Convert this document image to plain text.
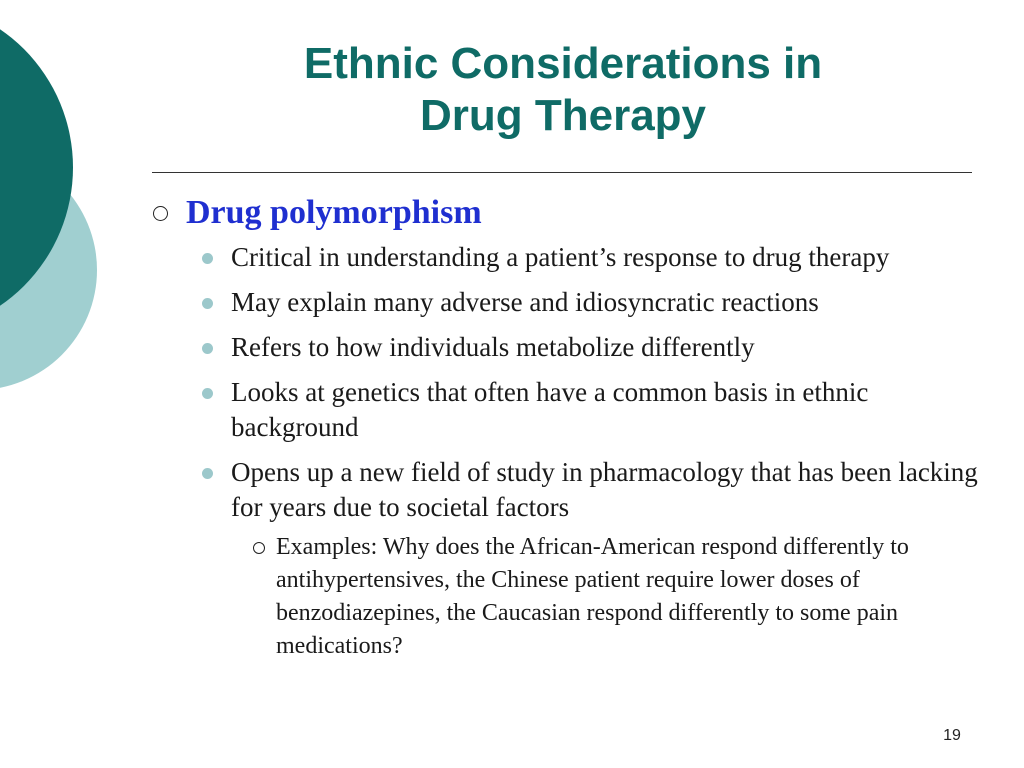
Ethnic Considerations in
Drug Therapy
Drug polymorphism
Critical in understanding a patient’s response to drug therapy
May explain many adverse and idiosyncratic reactions
Refers to how individuals metabolize differently
Looks at genetics that often have a common basis in ethnic background
Opens up a new field of study in pharmacology that has been lacking for years due to societal factors
Examples: Why does the African-American respond differently to antihypertensives, the Chinese patient require lower doses of benzodiazepines, the Caucasian respond differently to some pain medications?
19
